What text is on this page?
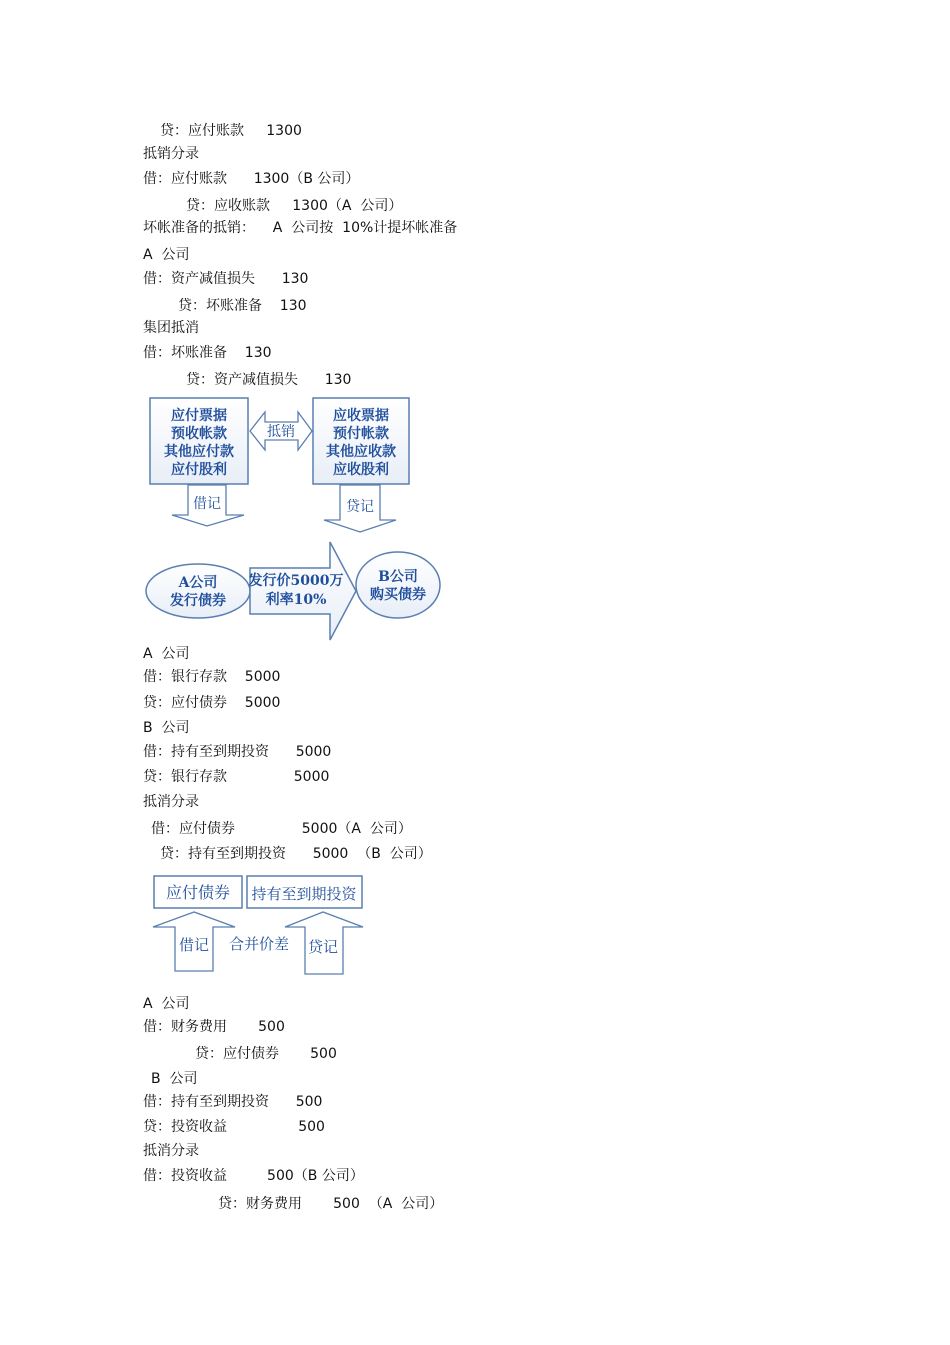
贷：应付账款     1300
抵销分录
借：应付账款      1300（B 公司）
贷：应收账款     1300（A  公司）
坏帐准备的抵销：    A  公司按  10%计提坏帐准备
A  公司
借：资产减值损失      130
贷：坏账准备    130
集团抵消
借：坏账准备    130
贷：资产减值损失      130
应付票据
预收帐款
其他应付款
应付股利
应收票据
预付帐款
其他应收款
应收股利
抵销
借记	贷记
A公司
发行债券
发行价5000万
利率10%
B公司
购买债券
A  公司
借：银行存款    5000
贷：应付债券    5000
B  公司
借：持有至到期投资      5000
贷：银行存款               5000
抵消分录
借：应付债券               5000（A  公司）
贷：持有至到期投资      5000  （B  公司）
应付债券 持有至到期投资
借记 合并价差 贷记
A  公司
借：财务费用       500
贷：应付债券       500
B  公司
借：持有至到期投资      500
贷：投资收益                500
抵消分录
借：投资收益         500（B 公司）
贷：财务费用       500  （A  公司）
